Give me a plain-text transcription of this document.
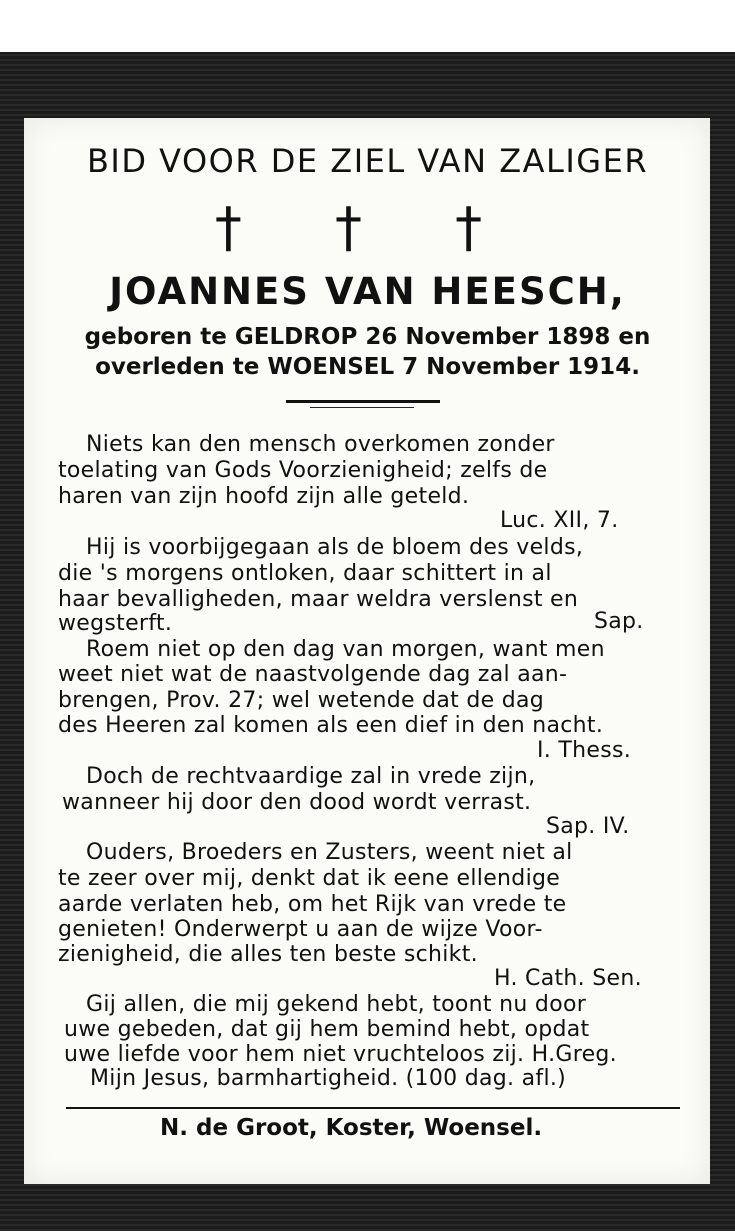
BID VOOR DE ZIEL VAN ZALIGER
† † †
JOANNES VAN HEESCH,
geboren te GELDROP 26 November 1898 en
overleden te WOENSEL 7 November 1914.
Niets kan den mensch overkomen zonder
toelating van Gods Voorzienigheid; zelfs de
haren van zijn hoofd zijn alle geteld.
Luc. XII, 7.
Hij is voorbijgegaan als de bloem des velds,
die 's morgens ontloken, daar schittert in al
haar bevalligheden, maar weldra verslenst en
wegsterft.	Sap.
Roem niet op den dag van morgen, want men
weet niet wat de naastvolgende dag zal aan-
brengen, Prov. 27; wel wetende dat de dag
des Heeren zal komen als een dief in den nacht.
I. Thess.
Doch de rechtvaardige zal in vrede zijn,
wanneer hij door den dood wordt verrast.
Sap. IV.
Ouders, Broeders en Zusters, weent niet al
te zeer over mij, denkt dat ik eene ellendige
aarde verlaten heb, om het Rijk van vrede te
genieten! Onderwerpt u aan de wijze Voor-
zienigheid, die alles ten beste schikt.
H. Cath. Sen.
Gij allen, die mij gekend hebt, toont nu door
uwe gebeden, dat gij hem bemind hebt, opdat
uwe liefde voor hem niet vruchteloos zij. H.Greg.
Mijn Jesus, barmhartigheid. (100 dag. afl.)
N. de Groot, Koster, Woensel.
